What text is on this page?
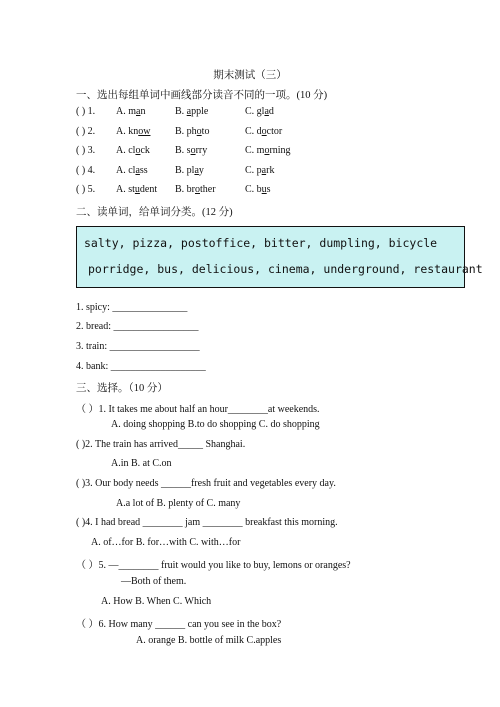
期末测试（三）
一、选出每组单词中画线部分读音不同的一项。(10 分)
( ) 1. A. man	B. apple	C. glad
( ) 2. A. know B. photo	C. doctor
( ) 3. A. clock	B. sorry	C. morning
( ) 4. A. class	B. play	C. park
( ) 5. A. student B. brother	C. bus
二、读单词，给单词分类。(12 分)
salty, pizza, postoffice, bitter, dumpling, bicycle
porridge, bus, delicious, cinema, underground, restaurant
1. spicy: _______________
2. bread: _________________
3. train: __________________
4. bank: ___________________
三、选择。（10 分）
（ ）1. It takes me about half an hour________at weekends.
A. doing shopping B.to do shopping C. do shopping
( )2. The train has arrived_____ Shanghai.
A.in B. at C.on
( )3. Our body needs ______fresh fruit and vegetables every day.
A.a lot of B. plenty of C. many
( )4. I had bread ________ jam ________ breakfast this morning.
A. of…for B. for…with C. with…for
（ ）5. —________ fruit would you like to buy, lemons or oranges?
—Both of them.
A. How B. When C. Which
（ ）6. How many ______ can you see in the box?
A. orange B. bottle of milk C.apples
